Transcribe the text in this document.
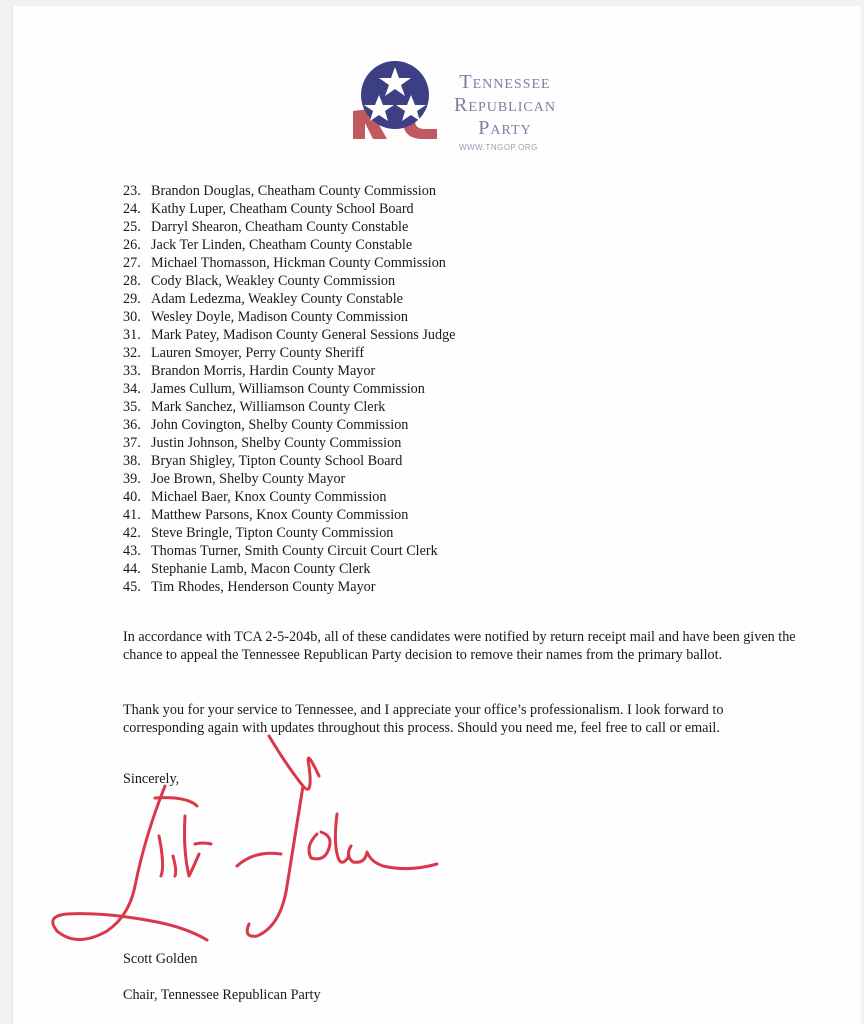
Tennessee
Republican
Party
WWW.TNGOP.ORG
23. Brandon Douglas, Cheatham County Commission
24. Kathy Luper, Cheatham County School Board
25. Darryl Shearon, Cheatham County Constable
26. Jack Ter Linden, Cheatham County Constable
27. Michael Thomasson, Hickman County Commission
28. Cody Black, Weakley County Commission
29. Adam Ledezma, Weakley County Constable
30. Wesley Doyle, Madison County Commission
31. Mark Patey, Madison County General Sessions Judge
32. Lauren Smoyer, Perry County Sheriff
33. Brandon Morris, Hardin County Mayor
34. James Cullum, Williamson County Commission
35. Mark Sanchez, Williamson County Clerk
36. John Covington, Shelby County Commission
37. Justin Johnson, Shelby County Commission
38. Bryan Shigley, Tipton County School Board
39. Joe Brown, Shelby County Mayor
40. Michael Baer, Knox County Commission
41. Matthew Parsons, Knox County Commission
42. Steve Bringle, Tipton County Commission
43. Thomas Turner, Smith County Circuit Court Clerk
44. Stephanie Lamb, Macon County Clerk
45. Tim Rhodes, Henderson County Mayor

In accordance with TCA 2-5-204b, all of these candidates were notified by return receipt mail and have been given the chance to appeal the Tennessee Republican Party decision to remove their names from the primary ballot.

Thank you for your service to Tennessee, and I appreciate your office’s professionalism. I look forward to corresponding again with updates throughout this process. Should you need me, feel free to call or email.

Sincerely,
Scott Golden
Chair, Tennessee Republican Party
